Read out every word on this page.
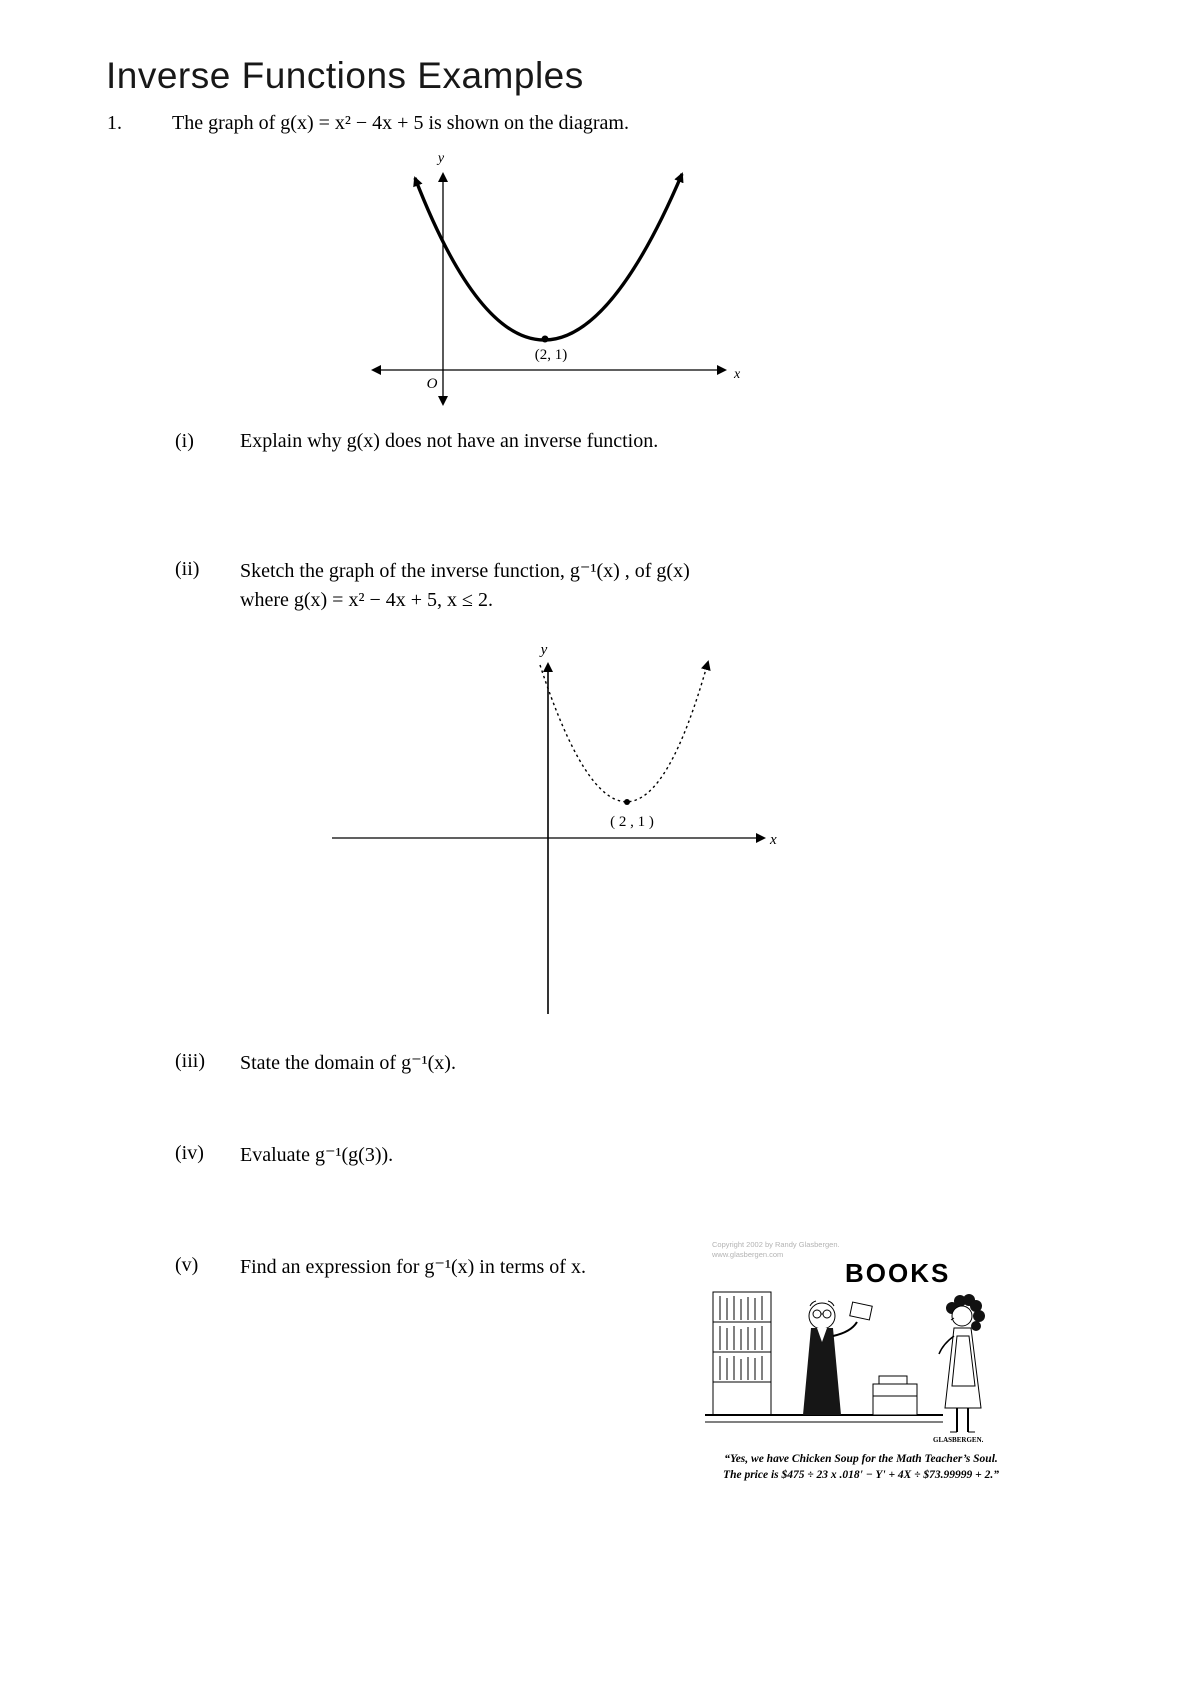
Inverse Functions Examples
1.	The graph of g(x) = x² − 4x + 5 is shown on the diagram.
y
x
O
(2, 1)
(i) Explain why g(x) does not have an inverse function.
(ii) Sketch the graph of the inverse function, g⁻¹(x) , of g(x)
where g(x) = x² − 4x + 5, x ≤ 2.
y
x
( 2 , 1 )
(iii) State the domain of g⁻¹(x).
(iv) Evaluate g⁻¹(g(3)).
(v) Find an expression for g⁻¹(x) in terms of x.
Copyright 2002 by Randy Glasbergen.
www.glasbergen.com
BOOKS
GLASBERGEN.
“Yes, we have Chicken Soup for the Math Teacher’s Soul.
The price is $475 ÷ 23 x .018' − Y' + 4X ÷ $73.99999 + 2.”
